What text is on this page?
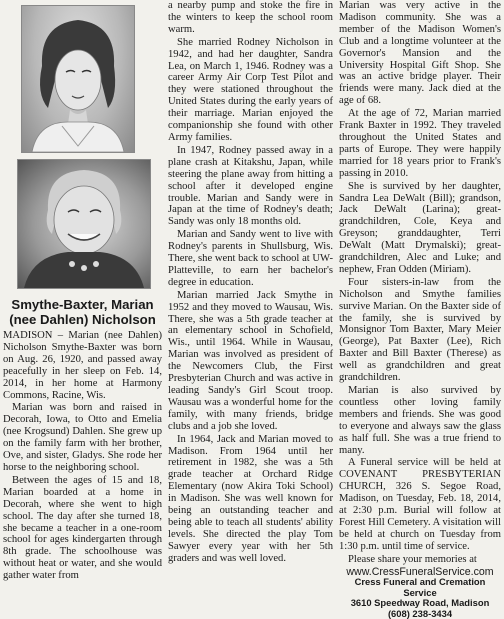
Smythe-Baxter, Marian (nee Dahlen) Nicholson

MADISON – Marian (nee Dahlen) Nicholson Smythe-Baxter was born on Aug. 26, 1920, and passed away peacefully in her sleep on Feb. 14, 2014, in her home at Harmony Commons, Racine, Wis.

Marian was born and raised in Decorah, Iowa, to Otto and Emelia (nee Krogsund) Dahlen. She grew up on the family farm with her brother, Ove, and sister, Gladys. She rode her horse to the neighboring school.

Between the ages of 15 and 18, Marian boarded at a home in Decorah, where she went to high school. The day after she turned 18, she became a teacher in a one-room school for ages kindergarten through 8th grade. The schoolhouse was without heat or water, and she would gather water from

a nearby pump and stoke the fire in the winters to keep the school room warm.

She married Rodney Nicholson in 1942, and had her daughter, Sandra Lea, on March 1, 1946. Rodney was a career Army Air Corp Test Pilot and they were stationed throughout the United States during the early years of their marriage. Marian enjoyed the companionship she found with other Army families.

In 1947, Rodney passed away in a plane crash at Kitakshu, Japan, while steering the plane away from hitting a school after it developed engine trouble. Marian and Sandy were in Japan at the time of Rodney's death; Sandy was only 18 months old.

Marian and Sandy went to live with Rodney's parents in Shullsburg, Wis. There, she went back to school at UW-Platteville, to earn her bachelor's degree in education.

Marian married Jack Smythe in 1952 and they moved to Wausau, Wis. There, she was a 5th grade teacher at an elementary school in Schofield, Wis., until 1964. While in Wausau, Marian was involved as president of the Newcomers Club, the First Presbyterian Church and was active in leading Sandy's Girl Scout troop. Wausau was a wonderful home for the family, with many friends, bridge clubs and a job she loved.

In 1964, Jack and Marian moved to Madison. From 1964 until her retirement in 1982, she was a 5th grade teacher at Orchard Ridge Elementary (now Akira Toki School) in Madison. She was well known for being an outstanding teacher and being able to teach all students' ability levels. She directed the play Tom Sawyer every year with her 5th graders and was well loved.

Marian was very active in the Madison community. She was a member of the Madison Women's Club and a longtime volunteer at the Governor's Mansion and the University Hospital Gift Shop. She was an active bridge player. Their friends were many. Jack died at the age of 68.

At the age of 72, Marian married Frank Baxter in 1992. They traveled throughout the United States and parts of Europe. They were happily married for 18 years prior to Frank's passing in 2010.

She is survived by her daughter, Sandra Lea DeWalt (Bill); grandson, Jack DeWalt (Larina); great-grandchildren, Cole, Keya and Greyson; granddaughter, Terri DeWalt (Matt Drymalski); great-grandchildren, Alec and Luke; and nephew, Fran Odden (Miriam).

Four sisters-in-law from the Nicholson and Smythe families survive Marian. On the Baxter side of the family, she is survived by Monsignor Tom Baxter, Mary Meier (George), Pat Baxter (Lee), Rich Baxter and Bill Baxter (Therese) as well as grandchildren and great grandchildren.

Marian is also survived by countless other loving family members and friends. She was good to everyone and always saw the glass as half full. She was a true friend to many.

A Funeral service will be held at COVENANT PRESBYTERIAN CHURCH, 326 S. Segoe Road, Madison, on Tuesday, Feb. 18, 2014, at 2:30 p.m. Burial will follow at Forest Hill Cemetery. A visitation will be held at church on Tuesday from 1:30 p.m. until time of service.

Please share your memories at

www.CressFuneralService.com
Cress Funeral and Cremation Service
3610 Speedway Road, Madison
(608) 238-3434
